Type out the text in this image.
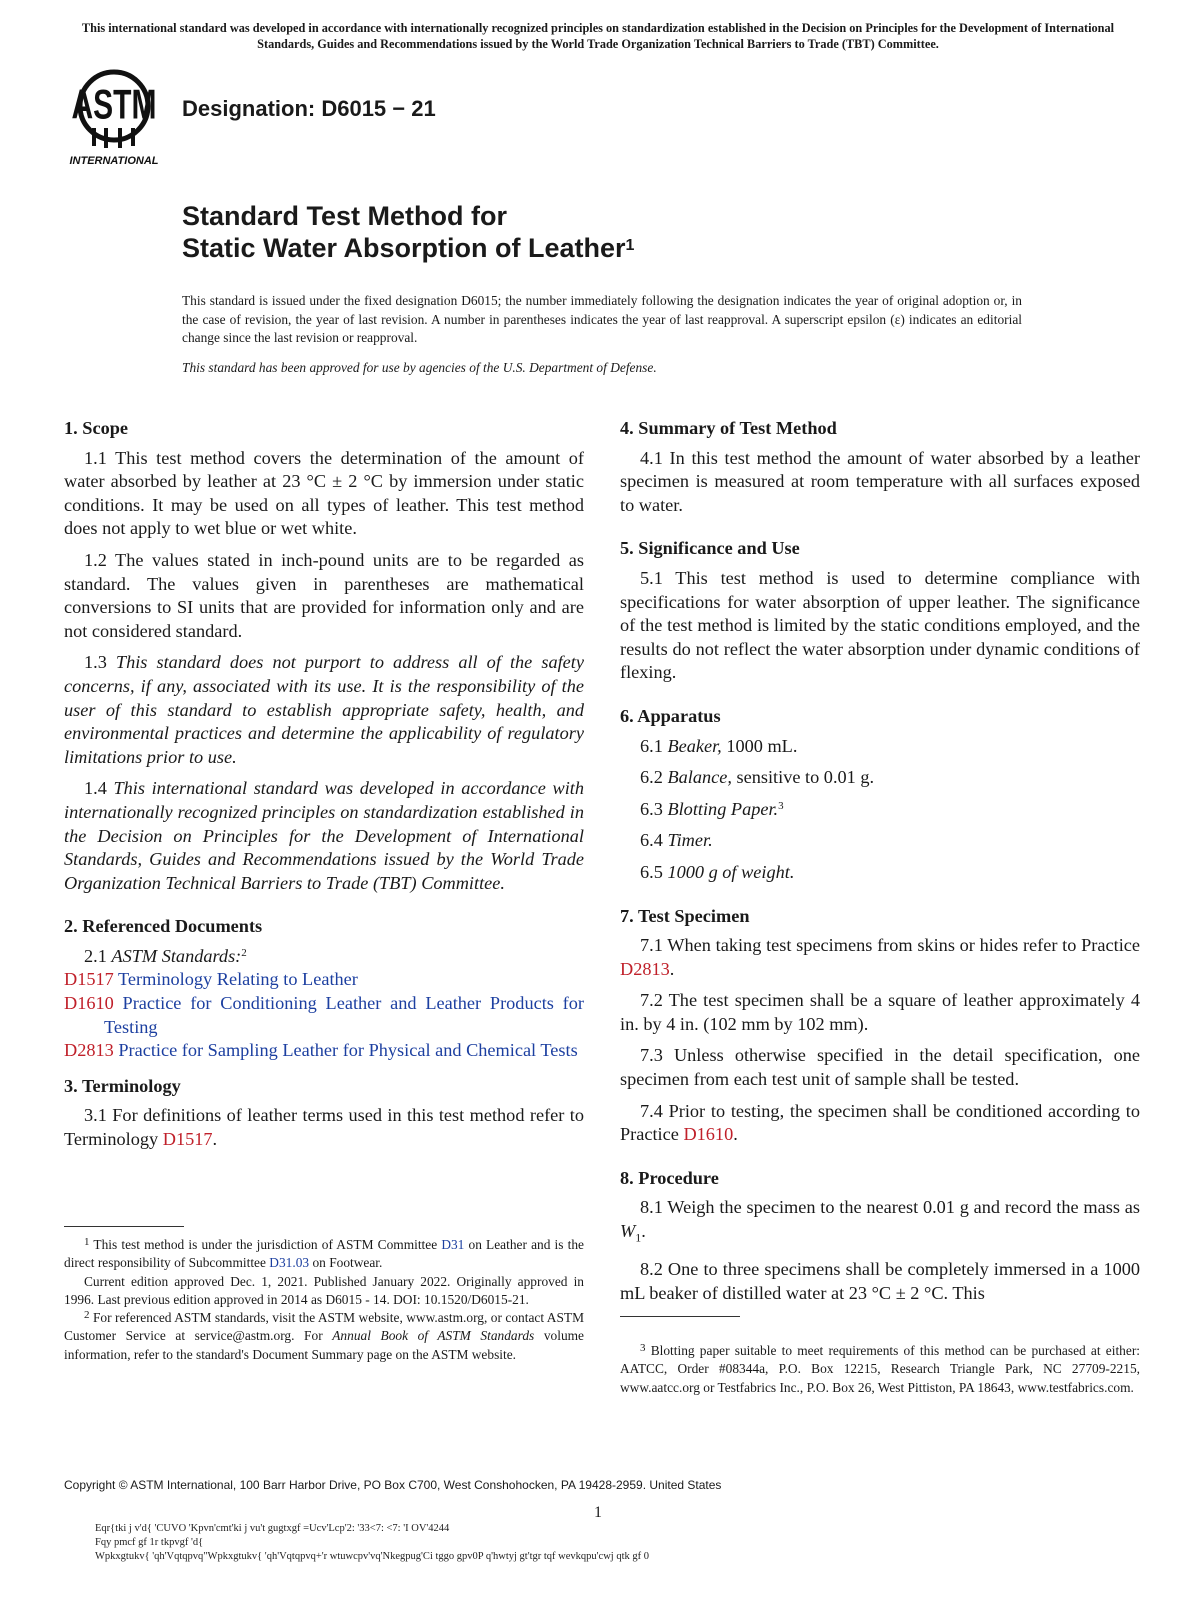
This international standard was developed in accordance with internationally recognized principles on standardization established in the Decision on Principles for the Development of International Standards, Guides and Recommendations issued by the World Trade Organization Technical Barriers to Trade (TBT) Committee.
ASTM
INTERNATIONAL
Designation: D6015 − 21
Standard Test Method for
Static Water Absorption of Leather$^1$
This standard is issued under the fixed designation D6015; the number immediately following the designation indicates the year of original adoption or, in the case of revision, the year of last revision. A number in parentheses indicates the year of last reapproval. A superscript epsilon (ε) indicates an editorial change since the last revision or reapproval.
This standard has been approved for use by agencies of the U.S. Department of Defense.
1. Scope

1.1 This test method covers the determination of the amount of water absorbed by leather at 23 °C ± 2 °C by immersion under static conditions. It may be used on all types of leather. This test method does not apply to wet blue or wet white.

1.2 The values stated in inch-pound units are to be regarded as standard. The values given in parentheses are mathematical conversions to SI units that are provided for information only and are not considered standard.

1.3 This standard does not purport to address all of the safety concerns, if any, associated with its use. It is the responsibility of the user of this standard to establish appropriate safety, health, and environmental practices and determine the applicability of regulatory limitations prior to use.

1.4 This international standard was developed in accordance with internationally recognized principles on standardization established in the Decision on Principles for the Development of International Standards, Guides and Recommendations issued by the World Trade Organization Technical Barriers to Trade (TBT) Committee.

2. Referenced Documents

2.1 ASTM Standards:$^2$

D1517 Terminology Relating to Leather

D1610 Practice for Conditioning Leather and Leather Products for Testing

D2813 Practice for Sampling Leather for Physical and Chemical Tests

3. Terminology

3.1 For definitions of leather terms used in this test method refer to Terminology D1517.

4. Summary of Test Method

4.1 In this test method the amount of water absorbed by a leather specimen is measured at room temperature with all surfaces exposed to water.

5. Significance and Use

5.1 This test method is used to determine compliance with specifications for water absorption of upper leather. The significance of the test method is limited by the static conditions employed, and the results do not reflect the water absorption under dynamic conditions of flexing.

6. Apparatus
6.1 Beaker, 1000 mL.
6.2 Balance, sensitive to 0.01 g.
6.3 Blotting Paper.$^3$
6.4 Timer.
6.5 1000 g of weight.
7. Test Specimen

7.1 When taking test specimens from skins or hides refer to Practice D2813.

7.2 The test specimen shall be a square of leather approximately 4 in. by 4 in. (102 mm by 102 mm).

7.3 Unless otherwise specified in the detail specification, one specimen from each test unit of sample shall be tested.

7.4 Prior to testing, the specimen shall be conditioned according to Practice D1610.

8. Procedure

8.1 Weigh the specimen to the nearest 0.01 g and record the mass as $W_1$.

8.2 One to three specimens shall be completely immersed in a 1000 mL beaker of distilled water at 23 °C ± 2 °C. This

$^1$ This test method is under the jurisdiction of ASTM Committee D31 on Leather and is the direct responsibility of Subcommittee D31.03 on Footwear.

Current edition approved Dec. 1, 2021. Published January 2022. Originally approved in 1996. Last previous edition approved in 2014 as D6015 - 14. DOI: 10.1520/D6015-21.

$^2$ For referenced ASTM standards, visit the ASTM website, www.astm.org, or contact ASTM Customer Service at service@astm.org. For Annual Book of ASTM Standards volume information, refer to the standard's Document Summary page on the ASTM website.	$^3$ Blotting paper suitable to meet requirements of this method can be purchased at either: AATCC, Order #08344a, P.O. Box 12215, Research Triangle Park, NC 27709-2215, www.aatcc.org or Testfabrics Inc., P.O. Box 26, West Pittiston, PA 18643, www.testfabrics.com.

Copyright © ASTM International, 100 Barr Harbor Drive, PO Box C700, West Conshohocken, PA 19428-2959. United States
1
Eqr{tki j v'd{ 'CUVO 'Kpvn'cmt'ki j vu't gugtxgf =Ucv'Lcp'2: '33<7: <7: 'I OV'4244
Fqy pmcf gf 1r tkpvgf 'd{
Wpkxgtukv{ 'qh'Vqtqpvq"Wpkxgtukv{ 'qh'Vqtqpvq+'r wtuwcpv'vq'Nkegpug'Ci tggo gpv0P q'hwtyj gt'tgr tqf wevkqpu'cwj qtk gf 0
